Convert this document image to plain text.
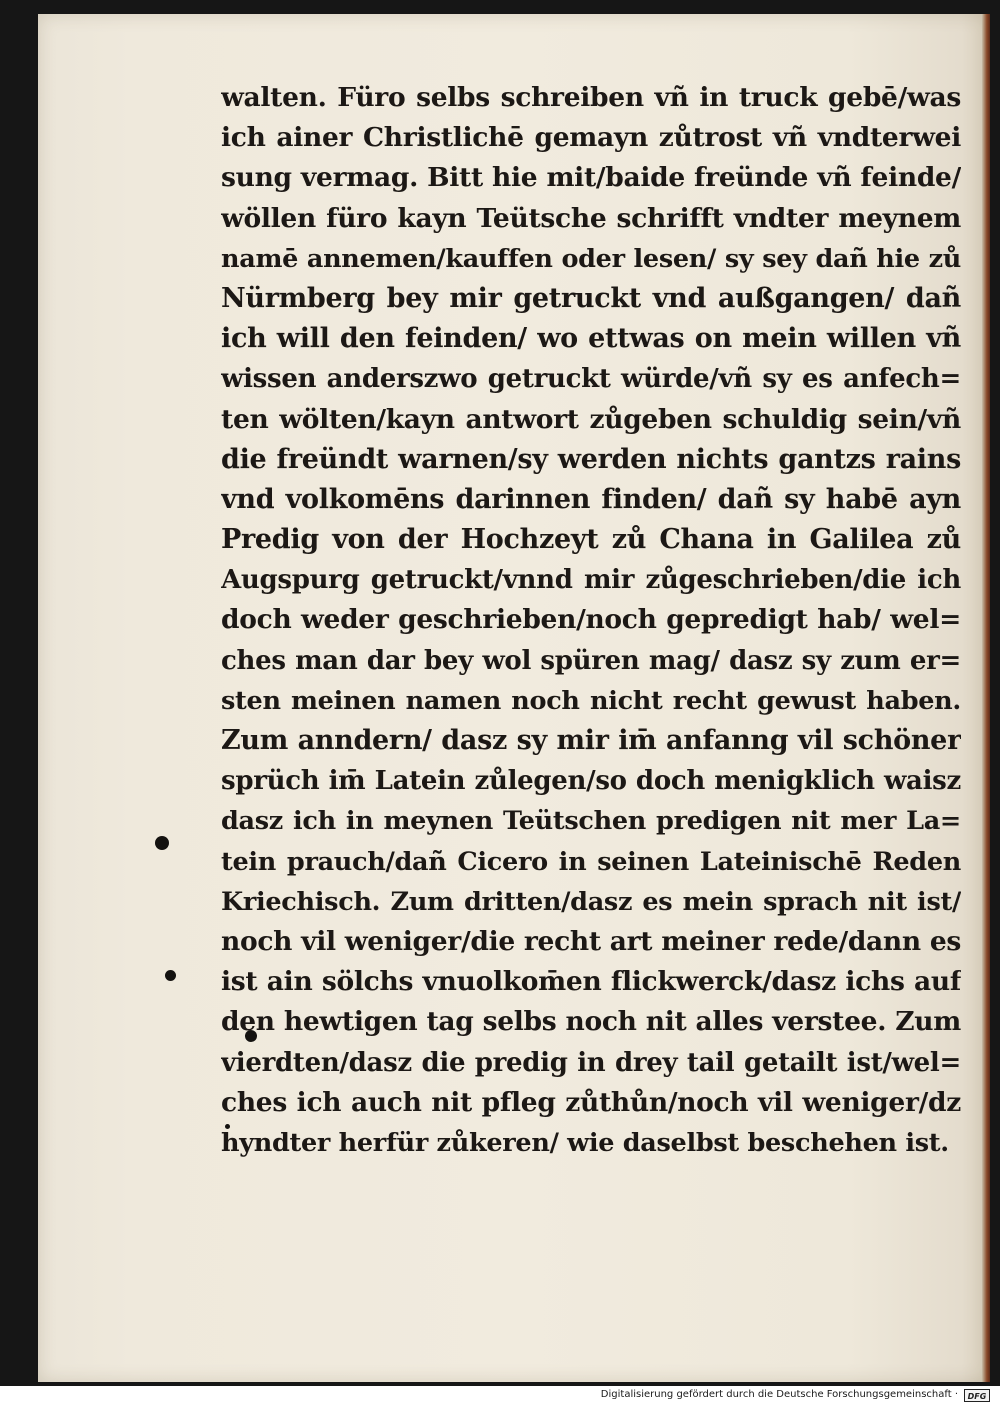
walten. Füro selbs schreiben vñ in truck gebē/was
ich ainer Christlichē gemayn zůtrost vñ vndterwei
sung vermag. Bitt hie mit/baide freünde vñ feinde/
wöllen füro kayn Teütsche schrifft vndter meynem
namē annemen/kauffen oder lesen/ sy sey dañ hie zů
Nürmberg bey mir getruckt vnd außgangen/ dañ
ich will den feinden/ wo ettwas on mein willen vñ
wissen anderszwo getruckt würde/vñ sy es anfech=
ten wölten/kayn antwort zůgeben schuldig sein/vñ
die freündt warnen/sy werden nichts gantzs rains
vnd volkomēns darinnen finden/ dañ sy habē ayn
Predig von der Hochzeyt zů Chana in Galilea zů
Augspurg getruckt/vnnd mir zůgeschrieben/die ich
doch weder geschrieben/noch gepredigt hab/ wel=
ches man dar bey wol spüren mag/ dasz sy zum er=
sten meinen namen noch nicht recht gewust haben.
Zum anndern/ dasz sy mir im̄ anfanng vil schöner
sprüch im̄ Latein zůlegen/so doch menigklich waisz
dasz ich in meynen Teütschen predigen nit mer La=
tein prauch/dañ Cicero in seinen Lateinischē Reden
Kriechisch. Zum dritten/dasz es mein sprach nit ist/
noch vil weniger/die recht art meiner rede/dann es
ist ain sölchs vnuolkom̄en flickwerck/dasz ichs auf
den hewtigen tag selbs noch nit alles verstee. Zum
vierdten/dasz die predig in drey tail getailt ist/wel=
ches ich auch nit pfleg zůthůn/noch vil weniger/dz
hyndter herfür zůkeren/ wie daselbst beschehen ist.
Digitalisierung gefördert durch die Deutsche Forschungsgemeinschaft ·	DFG
